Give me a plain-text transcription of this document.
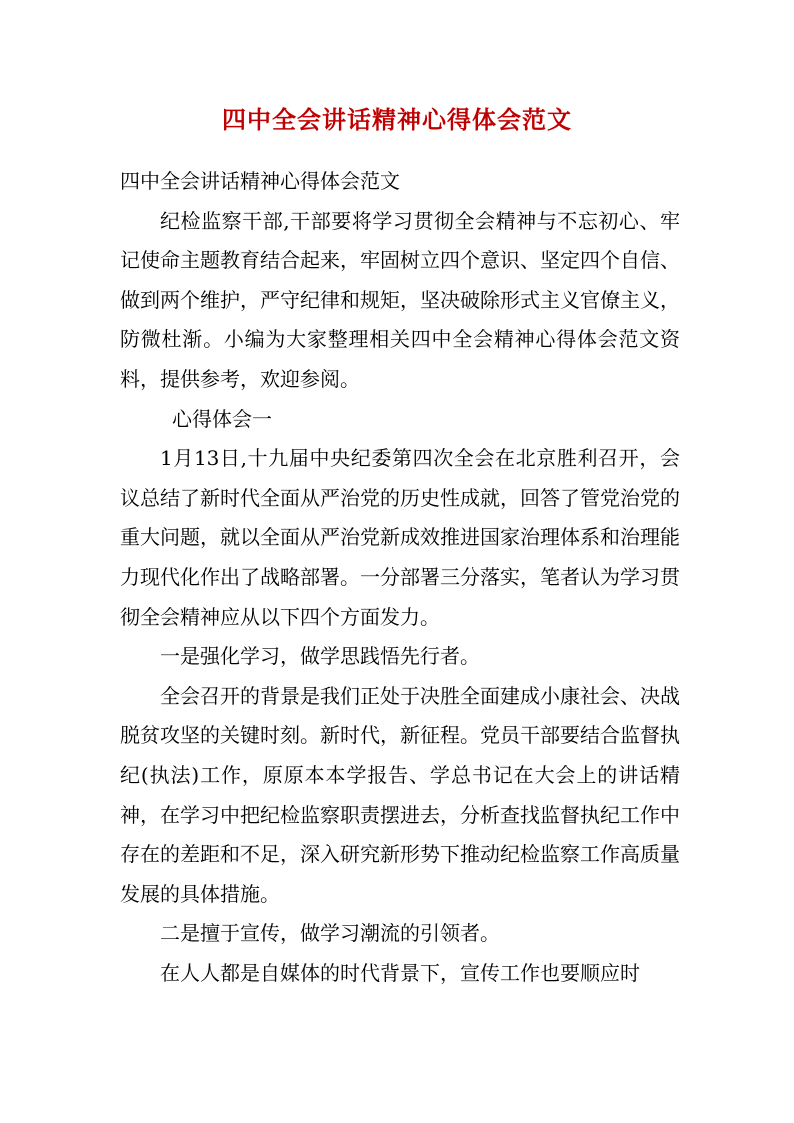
四中全会讲话精神心得体会范文

四中全会讲话精神心得体会范文

纪检监察干部,干部要将学习贯彻全会精神与不忘初心、牢记使命主题教育结合起来，牢固树立四个意识、坚定四个自信、做到两个维护，严守纪律和规矩，坚决破除形式主义官僚主义，防微杜渐。小编为大家整理相关四中全会精神心得体会范文资料，提供参考，欢迎参阅。

心得体会一

1月13日,十九届中央纪委第四次全会在北京胜利召开，会议总结了新时代全面从严治党的历史性成就，回答了管党治党的重大问题，就以全面从严治党新成效推进国家治理体系和治理能力现代化作出了战略部署。一分部署三分落实，笔者认为学习贯彻全会精神应从以下四个方面发力。

一是强化学习，做学思践悟先行者。

全会召开的背景是我们正处于决胜全面建成小康社会、决战脱贫攻坚的关键时刻。新时代，新征程。党员干部要结合监督执纪(执法)工作，原原本本学报告、学总书记在大会上的讲话精神，在学习中把纪检监察职责摆进去，分析查找监督执纪工作中存在的差距和不足，深入研究新形势下推动纪检监察工作高质量发展的具体措施。

二是擅于宣传，做学习潮流的引领者。

在人人都是自媒体的时代背景下，宣传工作也要顺应时
